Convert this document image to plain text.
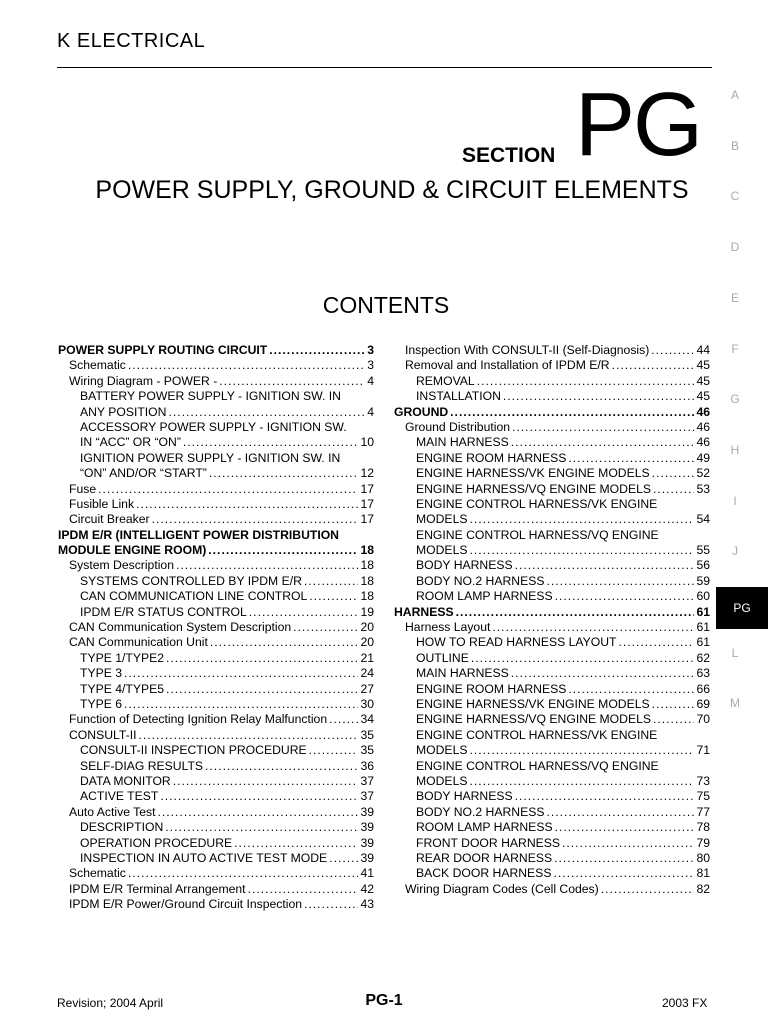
K ELECTRICAL
SECTION PG
POWER SUPPLY, GROUND & CIRCUIT ELEMENTS
CONTENTS
A
B
C
D
E
F
G
H
I
J
PG
L
M
POWER SUPPLY ROUTING CIRCUIT .....	3
Schematic .....	3
Wiring Diagram - POWER - .....	4
BATTERY POWER SUPPLY - IGNITION SW. IN
ANY POSITION .....	4
ACCESSORY POWER SUPPLY - IGNITION SW.
IN “ACC” OR “ON” .....	10
IGNITION POWER SUPPLY - IGNITION SW. IN
“ON” AND/OR “START” .....	12
Fuse .....	17
Fusible Link .....	17
Circuit Breaker .....	17
IPDM E/R (INTELLIGENT POWER DISTRIBUTION
MODULE ENGINE ROOM) .....	18
System Description .....	18
SYSTEMS CONTROLLED BY IPDM E/R .....	18
CAN COMMUNICATION LINE CONTROL .....	18
IPDM E/R STATUS CONTROL .....	19
CAN Communication System Description .....	20
CAN Communication Unit .....	20
TYPE 1/TYPE2 .....	21
TYPE 3 .....	24
TYPE 4/TYPE5 .....	27
TYPE 6 .....	30
Function of Detecting Ignition Relay Malfunction .....	34
CONSULT-II .....	35
CONSULT-II INSPECTION PROCEDURE .....	35
SELF-DIAG RESULTS .....	36
DATA MONITOR .....	37
ACTIVE TEST .....	37
Auto Active Test .....	39
DESCRIPTION .....	39
OPERATION PROCEDURE .....	39
INSPECTION IN AUTO ACTIVE TEST MODE .....	39
Schematic .....	41
IPDM E/R Terminal Arrangement .....	42
IPDM E/R Power/Ground Circuit Inspection .....	43
Inspection With CONSULT-II (Self-Diagnosis) .....	44
Removal and Installation of IPDM E/R .....	45
REMOVAL .....	45
INSTALLATION .....	45
GROUND .....	46
Ground Distribution .....	46
MAIN HARNESS .....	46
ENGINE ROOM HARNESS .....	49
ENGINE HARNESS/VK ENGINE MODELS .....	52
ENGINE HARNESS/VQ ENGINE MODELS .....	53
ENGINE CONTROL HARNESS/VK ENGINE
MODELS .....	54
ENGINE CONTROL HARNESS/VQ ENGINE
MODELS .....	55
BODY HARNESS .....	56
BODY NO.2 HARNESS .....	59
ROOM LAMP HARNESS .....	60
HARNESS .....	61
Harness Layout .....	61
HOW TO READ HARNESS LAYOUT .....	61
OUTLINE .....	62
MAIN HARNESS .....	63
ENGINE ROOM HARNESS .....	66
ENGINE HARNESS/VK ENGINE MODELS .....	69
ENGINE HARNESS/VQ ENGINE MODELS .....	70
ENGINE CONTROL HARNESS/VK ENGINE
MODELS .....	71
ENGINE CONTROL HARNESS/VQ ENGINE
MODELS .....	73
BODY HARNESS .....	75
BODY NO.2 HARNESS .....	77
ROOM LAMP HARNESS .....	78
FRONT DOOR HARNESS .....	79
REAR DOOR HARNESS .....	80
BACK DOOR HARNESS .....	81
Wiring Diagram Codes (Cell Codes) .....	82
Revision; 2004 April	PG-1	2003 FX
